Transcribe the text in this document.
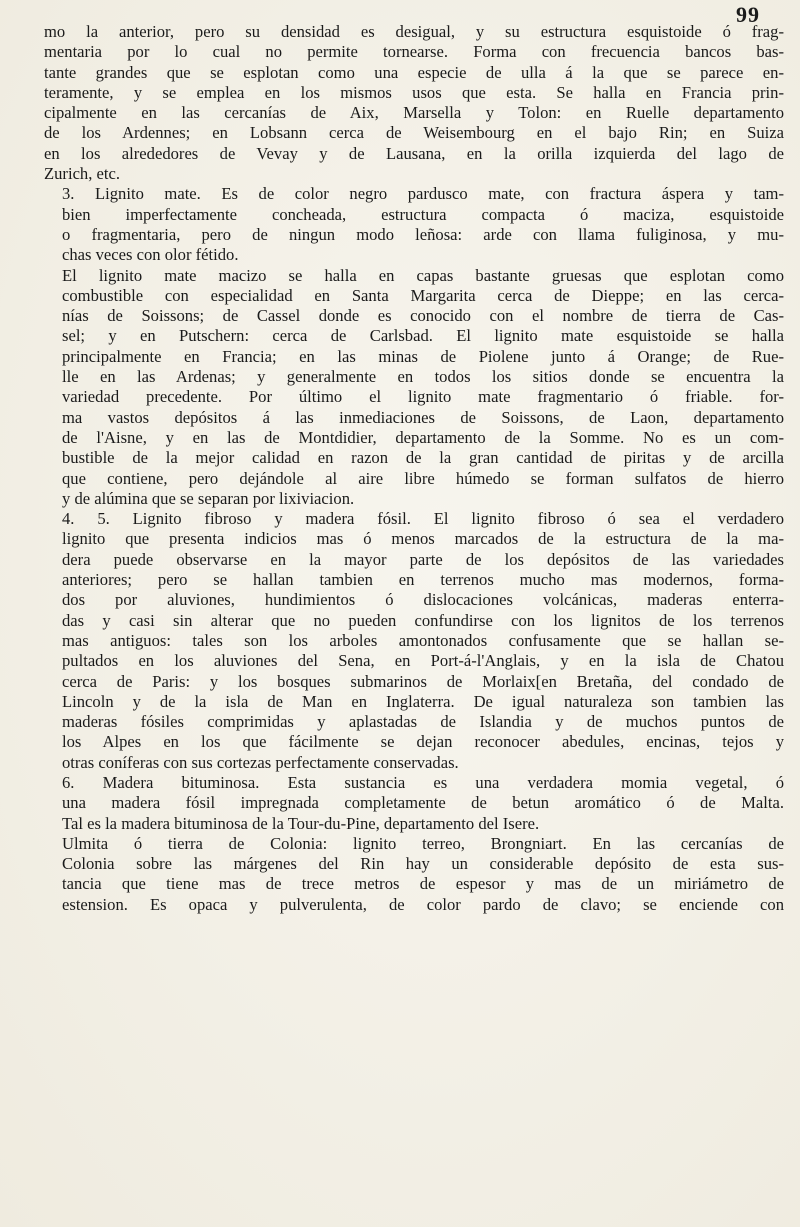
99

mo la anterior, pero su densidad es desigual, y su estructura esquistoide ó frag-
mentaria por lo cual no permite tornearse. Forma con frecuencia bancos bas-
tante grandes que se esplotan como una especie de ulla á la que se parece en-
teramente, y se emplea en los mismos usos que esta. Se halla en Francia prin-
cipalmente en las cercanías de Aix, Marsella y Tolon: en Ruelle departamento
de los Ardennes; en Lobsann cerca de Weisembourg en el bajo Rin; en Suiza
en los alrededores de Vevay y de Lausana, en la orilla izquierda del lago de
Zurich, etc.

3. Lignito mate. Es de color negro pardusco mate, con fractura áspera y tam-
bien imperfectamente concheada, estructura compacta ó maciza, esquistoide
o fragmentaria, pero de ningun modo leñosa: arde con llama fuliginosa, y mu-
chas veces con olor fétido.

El lignito mate macizo se halla en capas bastante gruesas que esplotan como
combustible con especialidad en Santa Margarita cerca de Dieppe; en las cerca-
nías de Soissons; de Cassel donde es conocido con el nombre de tierra de Cas-
sel; y en Putschern: cerca de Carlsbad. El lignito mate esquistoide se halla
principalmente en Francia; en las minas de Piolene junto á Orange; de Rue-
lle en las Ardenas; y generalmente en todos los sitios donde se encuentra la
variedad precedente. Por último el lignito mate fragmentario ó friable. for-
ma vastos depósitos á las inmediaciones de Soissons, de Laon, departamento
de l'Aisne, y en las de Montdidier, departamento de la Somme. No es un com-
bustible de la mejor calidad en razon de la gran cantidad de piritas y de arcilla
que contiene, pero dejándole al aire libre húmedo se forman sulfatos de hierro
y de alúmina que se separan por lixiviacion.

4. 5. Lignito fibroso y madera fósil. El lignito fibroso ó sea el verdadero
lignito que presenta indicios mas ó menos marcados de la estructura de la ma-
dera puede observarse en la mayor parte de los depósitos de las variedades
anteriores; pero se hallan tambien en terrenos mucho mas modernos, forma-
dos por aluviones, hundimientos ó dislocaciones volcánicas, maderas enterra-
das y casi sin alterar que no pueden confundirse con los lignitos de los terrenos
mas antiguos: tales son los arboles amontonados confusamente que se hallan se-
pultados en los aluviones del Sena, en Port-á-l'Anglais, y en la isla de Chatou
cerca de Paris: y los bosques submarinos de Morlaix[en Bretaña, del condado de
Lincoln y de la isla de Man en Inglaterra. De igual naturaleza son tambien las
maderas fósiles comprimidas y aplastadas de Islandia y de muchos puntos de
los Alpes en los que fácilmente se dejan reconocer abedules, encinas, tejos y
otras coníferas con sus cortezas perfectamente conservadas.

6. Madera bituminosa. Esta sustancia es una verdadera momia vegetal, ó
una madera fósil impregnada completamente de betun aromático ó de Malta.
Tal es la madera bituminosa de la Tour-du-Pine, departamento del Isere.

Ulmita ó tierra de Colonia: lignito terreo, Brongniart. En las cercanías de
Colonia sobre las márgenes del Rin hay un considerable depósito de esta sus-
tancia que tiene mas de trece metros de espesor y mas de un miriámetro de
estension. Es opaca y pulverulenta, de color pardo de clavo; se enciende con
